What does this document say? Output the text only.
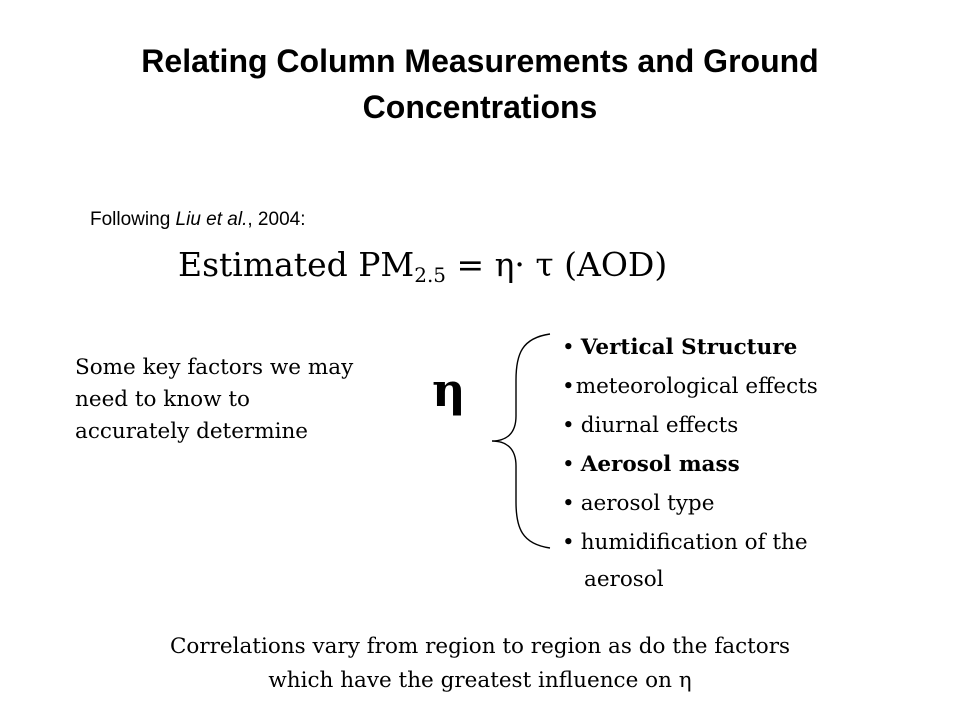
Relating Column Measurements and Ground
Concentrations
Following Liu et al., 2004:
Estimated $PM_{2.5} = \eta\cdot \tau$ (AOD)
Some key factors we may
need to know to
accurately determine
η
• Vertical Structure
•meteorological effects
• diurnal effects
• Aerosol mass
• aerosol type
• humidification of the
aerosol
Correlations vary from region to region as do the factors
which have the greatest influence on η
